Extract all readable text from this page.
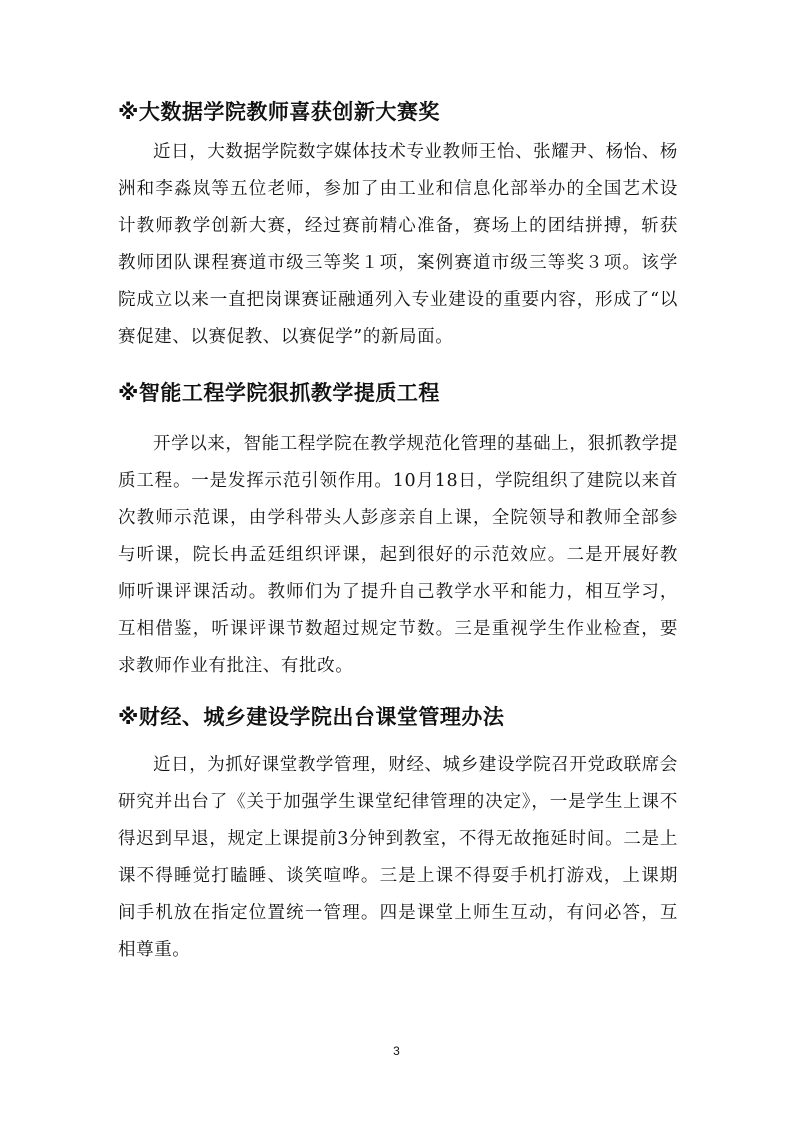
※大数据学院教师喜获创新大赛奖

近日，大数据学院数字媒体技术专业教师王怡、张耀尹、杨怡、杨洲和李淼岚等五位老师，参加了由工业和信息化部举办的全国艺术设计教师教学创新大赛，经过赛前精心准备，赛场上的团结拼搏，斩获教师团队课程赛道市级三等奖１项，案例赛道市级三等奖３项。该学院成立以来一直把岗课赛证融通列入专业建设的重要内容，形成了“以赛促建、以赛促教、以赛促学”的新局面。

※智能工程学院狠抓教学提质工程

开学以来，智能工程学院在教学规范化管理的基础上，狠抓教学提质工程。一是发挥示范引领作用。10月18日，学院组织了建院以来首次教师示范课，由学科带头人彭彦亲自上课，全院领导和教师全部参与听课，院长冉孟廷组织评课，起到很好的示范效应。二是开展好教师听课评课活动。教师们为了提升自己教学水平和能力，相互学习，互相借鉴，听课评课节数超过规定节数。三是重视学生作业检查，要求教师作业有批注、有批改。

※财经、城乡建设学院出台课堂管理办法

近日，为抓好课堂教学管理，财经、城乡建设学院召开党政联席会研究并出台了《关于加强学生课堂纪律管理的决定》，一是学生上课不得迟到早退，规定上课提前3分钟到教室，不得无故拖延时间。二是上课不得睡觉打瞌睡、谈笑喧哗。三是上课不得耍手机打游戏，上课期间手机放在指定位置统一管理。四是课堂上师生互动，有问必答，互相尊重。

3
